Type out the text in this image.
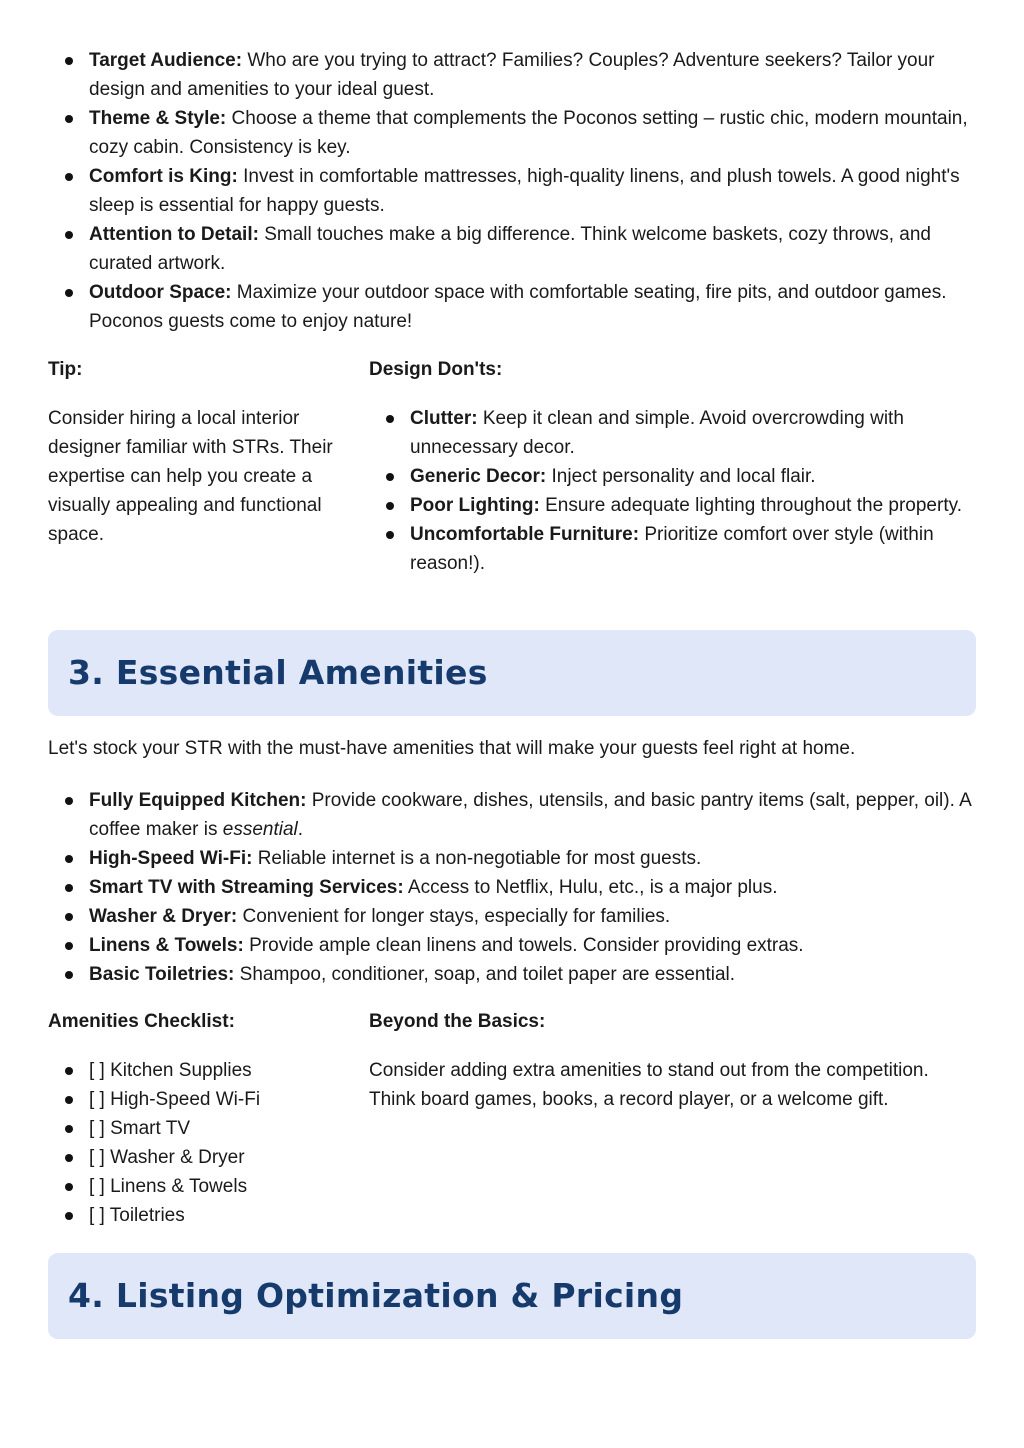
Target Audience: Who are you trying to attract? Families? Couples? Adventure seekers? Tailor your design and amenities to your ideal guest.
Theme & Style: Choose a theme that complements the Poconos setting – rustic chic, modern mountain, cozy cabin. Consistency is key.
Comfort is King: Invest in comfortable mattresses, high-quality linens, and plush towels. A good night's sleep is essential for happy guests.
Attention to Detail: Small touches make a big difference. Think welcome baskets, cozy throws, and curated artwork.
Outdoor Space: Maximize your outdoor space with comfortable seating, fire pits, and outdoor games. Poconos guests come to enjoy nature!

Tip:

Consider hiring a local interior designer familiar with STRs. Their expertise can help you create a visually appealing and functional space.

Design Don'ts:

Clutter: Keep it clean and simple. Avoid overcrowding with unnecessary decor.
Generic Decor: Inject personality and local flair.
Poor Lighting: Ensure adequate lighting throughout the property.
Uncomfortable Furniture: Prioritize comfort over style (within reason!).
3. Essential Amenities

Let's stock your STR with the must-have amenities that will make your guests feel right at home.

Fully Equipped Kitchen: Provide cookware, dishes, utensils, and basic pantry items (salt, pepper, oil). A coffee maker is essential.
High-Speed Wi-Fi: Reliable internet is a non-negotiable for most guests.
Smart TV with Streaming Services: Access to Netflix, Hulu, etc., is a major plus.
Washer & Dryer: Convenient for longer stays, especially for families.
Linens & Towels: Provide ample clean linens and towels. Consider providing extras.
Basic Toiletries: Shampoo, conditioner, soap, and toilet paper are essential.

Amenities Checklist:

[ ] Kitchen Supplies
[ ] High-Speed Wi-Fi
[ ] Smart TV
[ ] Washer & Dryer
[ ] Linens & Towels
[ ] Toiletries

Beyond the Basics:

Consider adding extra amenities to stand out from the competition. Think board games, books, a record player, or a welcome gift.

4. Listing Optimization & Pricing
